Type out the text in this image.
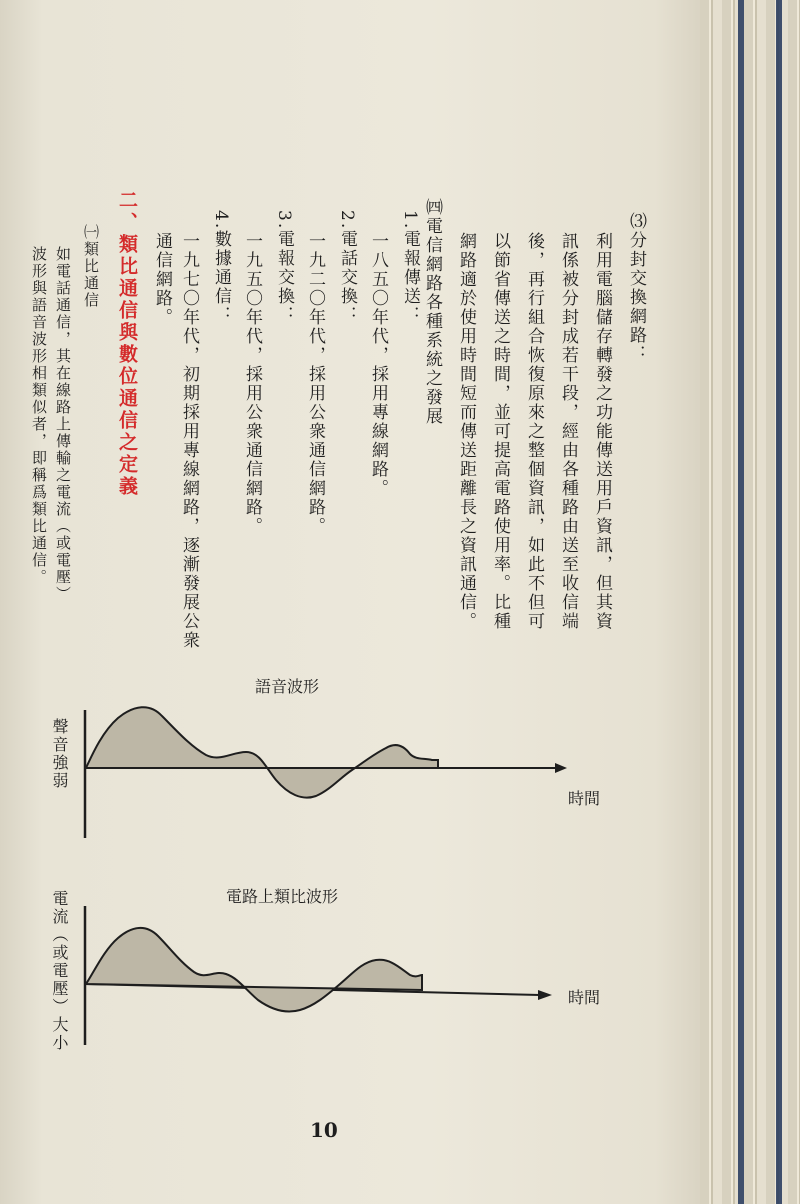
⑶分封交換網路：
利用電腦儲存轉發之功能傳送用戶資訊，但其資
訊係被分封成若干段，經由各種路由送至收信端
後，再行組合恢復原來之整個資訊，如此不但可
以節省傳送之時間，並可提高電路使用率。比種
網路適於使用時間短而傳送距離長之資訊通信。
㈣電信網路各種系統之發展
1.電報傳送：
一八五〇年代，採用專線網路。
2.電話交換：
一九二〇年代，採用公衆通信網路。
3.電報交換：
一九五〇年代，採用公衆通信網路。
4.數據通信：
一九七〇年代，初期採用專線網路，逐漸發展公衆
通信網路。
二、類比通信與數位通信之定義
㈠類比通信
如電話通信，其在線路上傳輸之電流（或電壓）
波形與語音波形相類似者，即稱爲類比通信。
語音波形
聲音強弱
時間
電路上類比波形
電流（或電壓）大小	時間
10
